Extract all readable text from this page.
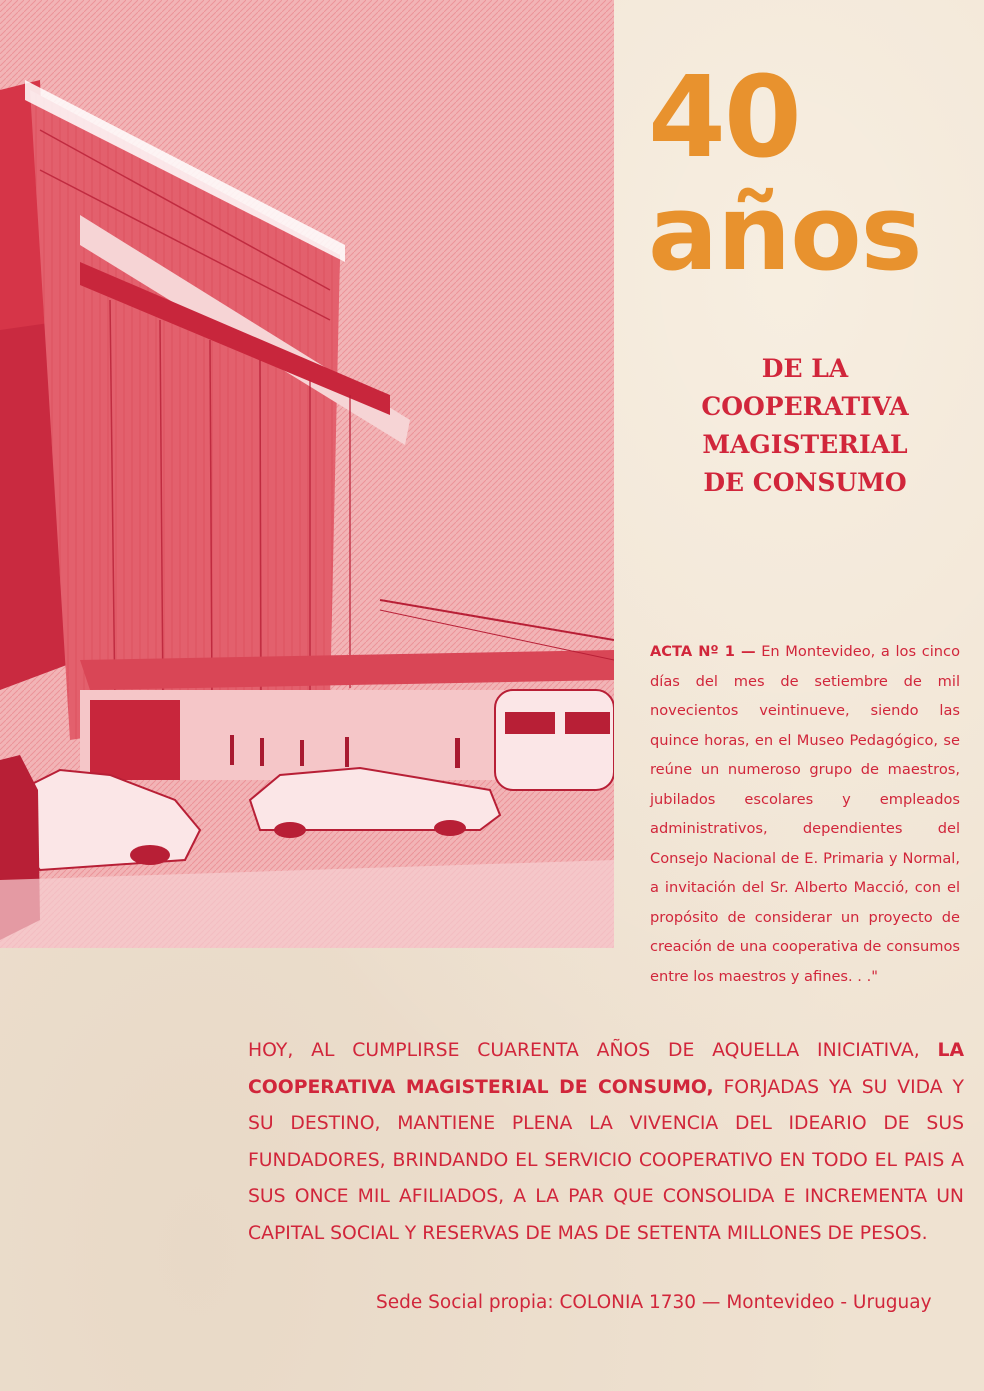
40
años
DE LA
COOPERATIVA
MAGISTERIAL
DE CONSUMO
ACTA Nº 1 — En Montevideo, a los cinco días del mes de setiembre de mil novecientos veintinueve, siendo las quince horas, en el Museo Pedagógico, se reúne un numeroso grupo de maestros, jubilados escolares y empleados administrativos, dependientes del Consejo Nacional de E. Primaria y Normal, a invitación del Sr. Alberto Macció, con el propósito de considerar un proyecto de creación de una cooperativa de consumos entre los maestros y afines. . ."
HOY, AL CUMPLIRSE CUARENTA AÑOS DE AQUELLA INICIATIVA, LA COOPERATIVA MAGISTERIAL DE CONSUMO, FORJADAS YA SU VIDA Y SU DESTINO, MANTIENE PLENA LA VIVENCIA DEL IDEARIO DE SUS FUNDADORES, BRINDANDO EL SERVICIO COOPERATIVO EN TODO EL PAIS A SUS ONCE MIL AFILIADOS, A LA PAR QUE CONSOLIDA E INCREMENTA UN CAPITAL SOCIAL Y RESERVAS DE MAS DE SETENTA MILLONES DE PESOS.
Sede Social propia: COLONIA 1730 — Montevideo - Uruguay
